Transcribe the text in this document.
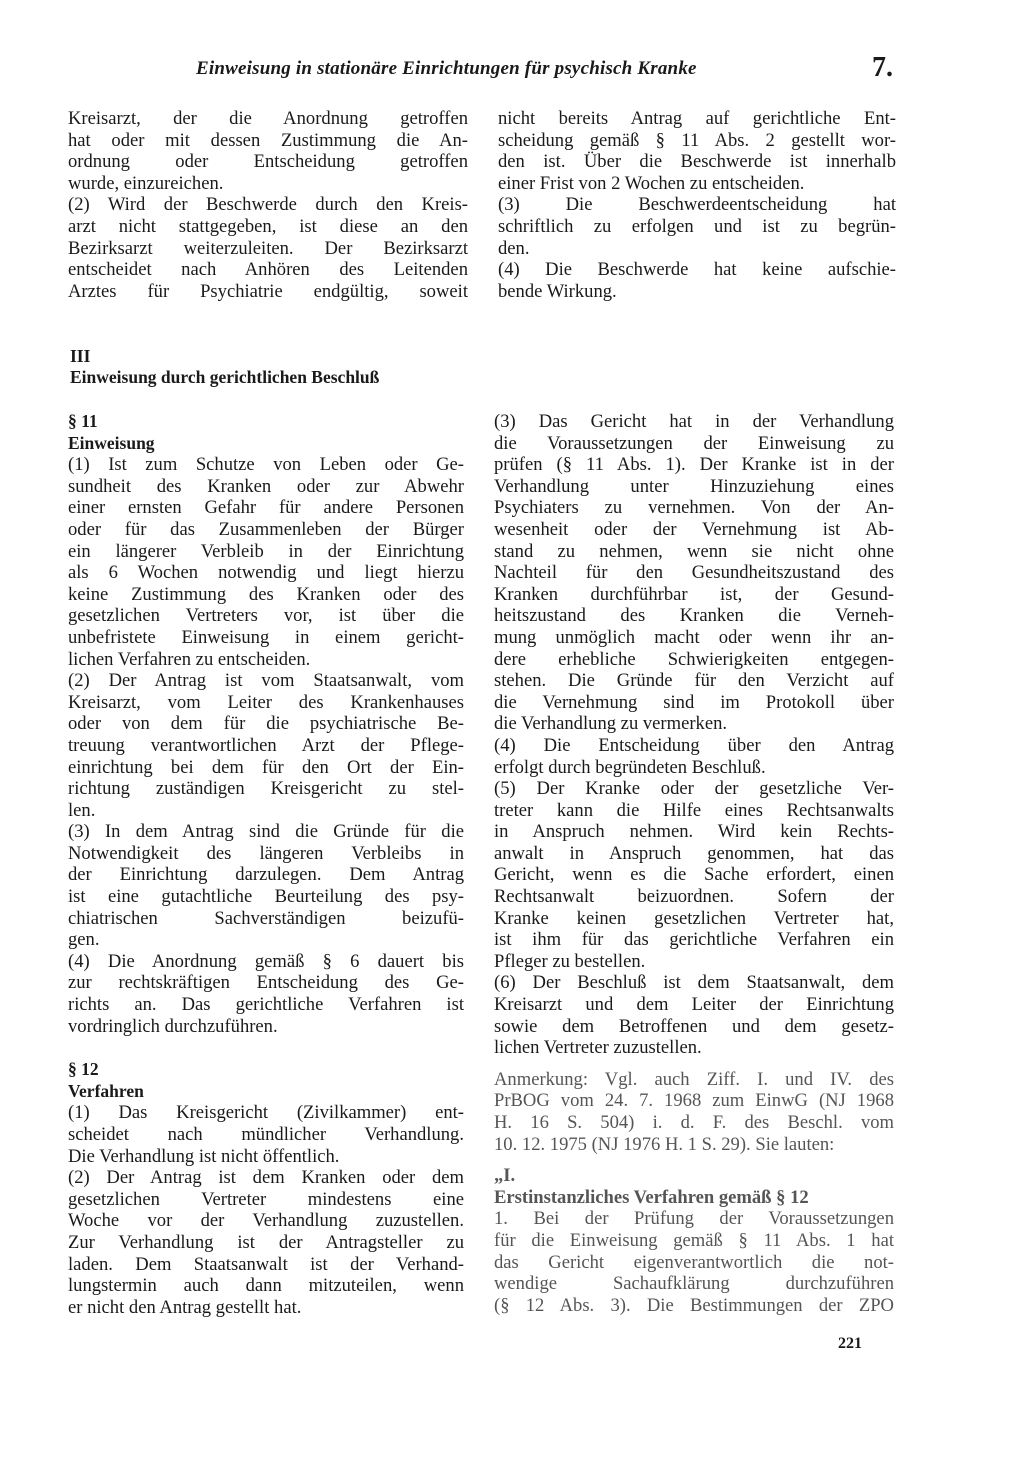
Einweisung in stationäre Einrichtungen für psychisch Kranke	7.

Kreisarzt, der die Anordnung getroffen

hat oder mit dessen Zustimmung die An-

ordnung oder Entscheidung getroffen

wurde, einzureichen.

(2) Wird der Beschwerde durch den Kreis-

arzt nicht stattgegeben, ist diese an den

Bezirksarzt weiterzuleiten. Der Bezirksarzt

entscheidet nach Anhören des Leitenden

Arztes für Psychiatrie endgültig, soweit

nicht bereits Antrag auf gerichtliche Ent-

scheidung gemäß § 11 Abs. 2 gestellt wor-

den ist. Über die Beschwerde ist innerhalb

einer Frist von 2 Wochen zu entscheiden.

(3) Die Beschwerdeentscheidung hat

schriftlich zu erfolgen und ist zu begrün-

den.

(4) Die Beschwerde hat keine aufschie-

bende Wirkung.

III
Einweisung durch gerichtlichen Beschluß

§ 11

Einweisung

(1) Ist zum Schutze von Leben oder Ge-

sundheit des Kranken oder zur Abwehr

einer ernsten Gefahr für andere Personen

oder für das Zusammenleben der Bürger

ein längerer Verbleib in der Einrichtung

als 6 Wochen notwendig und liegt hierzu

keine Zustimmung des Kranken oder des

gesetzlichen Vertreters vor, ist über die

unbefristete Einweisung in einem gericht-

lichen Verfahren zu entscheiden.

(2) Der Antrag ist vom Staatsanwalt, vom

Kreisarzt, vom Leiter des Krankenhauses

oder von dem für die psychiatrische Be-

treuung verantwortlichen Arzt der Pflege-

einrichtung bei dem für den Ort der Ein-

richtung zuständigen Kreisgericht zu stel-

len.

(3) In dem Antrag sind die Gründe für die

Notwendigkeit des längeren Verbleibs in

der Einrichtung darzulegen. Dem Antrag

ist eine gutachtliche Beurteilung des psy-

chiatrischen Sachverständigen beizufü-

gen.

(4) Die Anordnung gemäß § 6 dauert bis

zur rechtskräftigen Entscheidung des Ge-

richts an. Das gerichtliche Verfahren ist

vordringlich durchzuführen.

§ 12

Verfahren

(1) Das Kreisgericht (Zivilkammer) ent-

scheidet nach mündlicher Verhandlung.

Die Verhandlung ist nicht öffentlich.

(2) Der Antrag ist dem Kranken oder dem

gesetzlichen Vertreter mindestens eine

Woche vor der Verhandlung zuzustellen.

Zur Verhandlung ist der Antragsteller zu

laden. Dem Staatsanwalt ist der Verhand-

lungstermin auch dann mitzuteilen, wenn

er nicht den Antrag gestellt hat.

(3) Das Gericht hat in der Verhandlung

die Voraussetzungen der Einweisung zu

prüfen (§ 11 Abs. 1). Der Kranke ist in der

Verhandlung unter Hinzuziehung eines

Psychiaters zu vernehmen. Von der An-

wesenheit oder der Vernehmung ist Ab-

stand zu nehmen, wenn sie nicht ohne

Nachteil für den Gesundheitszustand des

Kranken durchführbar ist, der Gesund-

heitszustand des Kranken die Verneh-

mung unmöglich macht oder wenn ihr an-

dere erhebliche Schwierigkeiten entgegen-

stehen. Die Gründe für den Verzicht auf

die Vernehmung sind im Protokoll über

die Verhandlung zu vermerken.

(4) Die Entscheidung über den Antrag

erfolgt durch begründeten Beschluß.

(5) Der Kranke oder der gesetzliche Ver-

treter kann die Hilfe eines Rechtsanwalts

in Anspruch nehmen. Wird kein Rechts-

anwalt in Anspruch genommen, hat das

Gericht, wenn es die Sache erfordert, einen

Rechtsanwalt beizuordnen. Sofern der

Kranke keinen gesetzlichen Vertreter hat,

ist ihm für das gerichtliche Verfahren ein

Pfleger zu bestellen.

(6) Der Beschluß ist dem Staatsanwalt, dem

Kreisarzt und dem Leiter der Einrichtung

sowie dem Betroffenen und dem gesetz-

lichen Vertreter zuzustellen.

Anmerkung: Vgl. auch Ziff. I. und IV. des

PrBOG vom 24. 7. 1968 zum EinwG (NJ 1968

H. 16 S. 504) i. d. F. des Beschl. vom

10. 12. 1975 (NJ 1976 H. 1 S. 29). Sie lauten:

„I.

Erstinstanzliches Verfahren gemäß § 12

1. Bei der Prüfung der Voraussetzungen

für die Einweisung gemäß § 11 Abs. 1 hat

das Gericht eigenverantwortlich die not-

wendige Sachaufklärung durchzuführen

(§ 12 Abs. 3). Die Bestimmungen der ZPO

221
